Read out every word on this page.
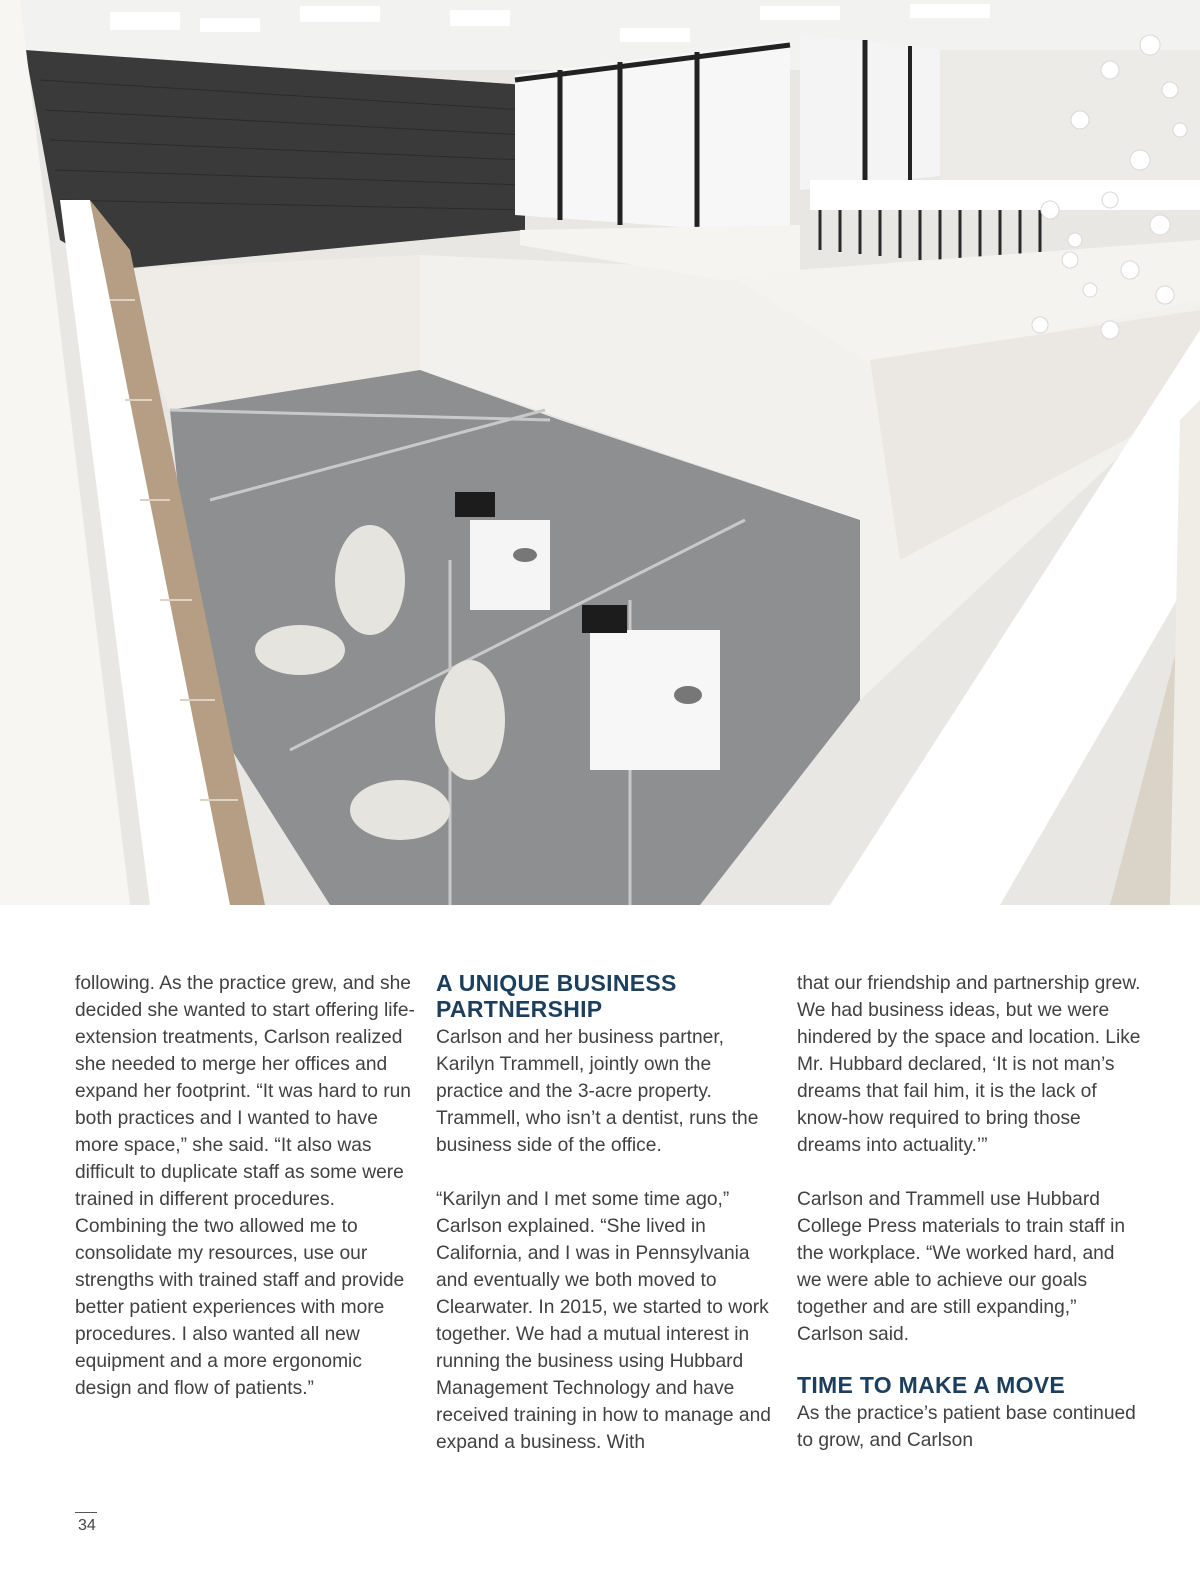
following. As the practice grew, and she decided she wanted to start offering life-extension treatments, Carlson realized she needed to merge her offices and expand her footprint. “It was hard to run both practices and I wanted to have more space,” she said. “It also was difficult to duplicate staff as some were trained in different procedures. Combining the two allowed me to consolidate my resources, use our strengths with trained staff and provide better patient experiences with more procedures. I also wanted all new equipment and a more ergonomic design and flow of patients.”

A UNIQUE BUSINESS PARTNERSHIP

Carlson and her business partner, Karilyn Trammell, jointly own the practice and the 3-acre property. Trammell, who isn’t a dentist, runs the business side of the office.

“Karilyn and I met some time ago,” Carlson explained. “She lived in California, and I was in Pennsylvania and eventually we both moved to Clearwater. In 2015, we started to work together. We had a mutual interest in running the business using Hubbard Management Technology and have received training in how to manage and expand a business. With

that our friendship and partnership grew. We had business ideas, but we were hindered by the space and location. Like Mr. Hubbard declared, ‘It is not man’s dreams that fail him, it is the lack of know-how required to bring those dreams into actuality.’”

Carlson and Trammell use Hubbard College Press materials to train staff in the workplace. “We worked hard, and we were able to achieve our goals together and are still expanding,” Carlson said.

TIME TO MAKE A MOVE

As the practice’s patient base continued to grow, and Carlson

34
